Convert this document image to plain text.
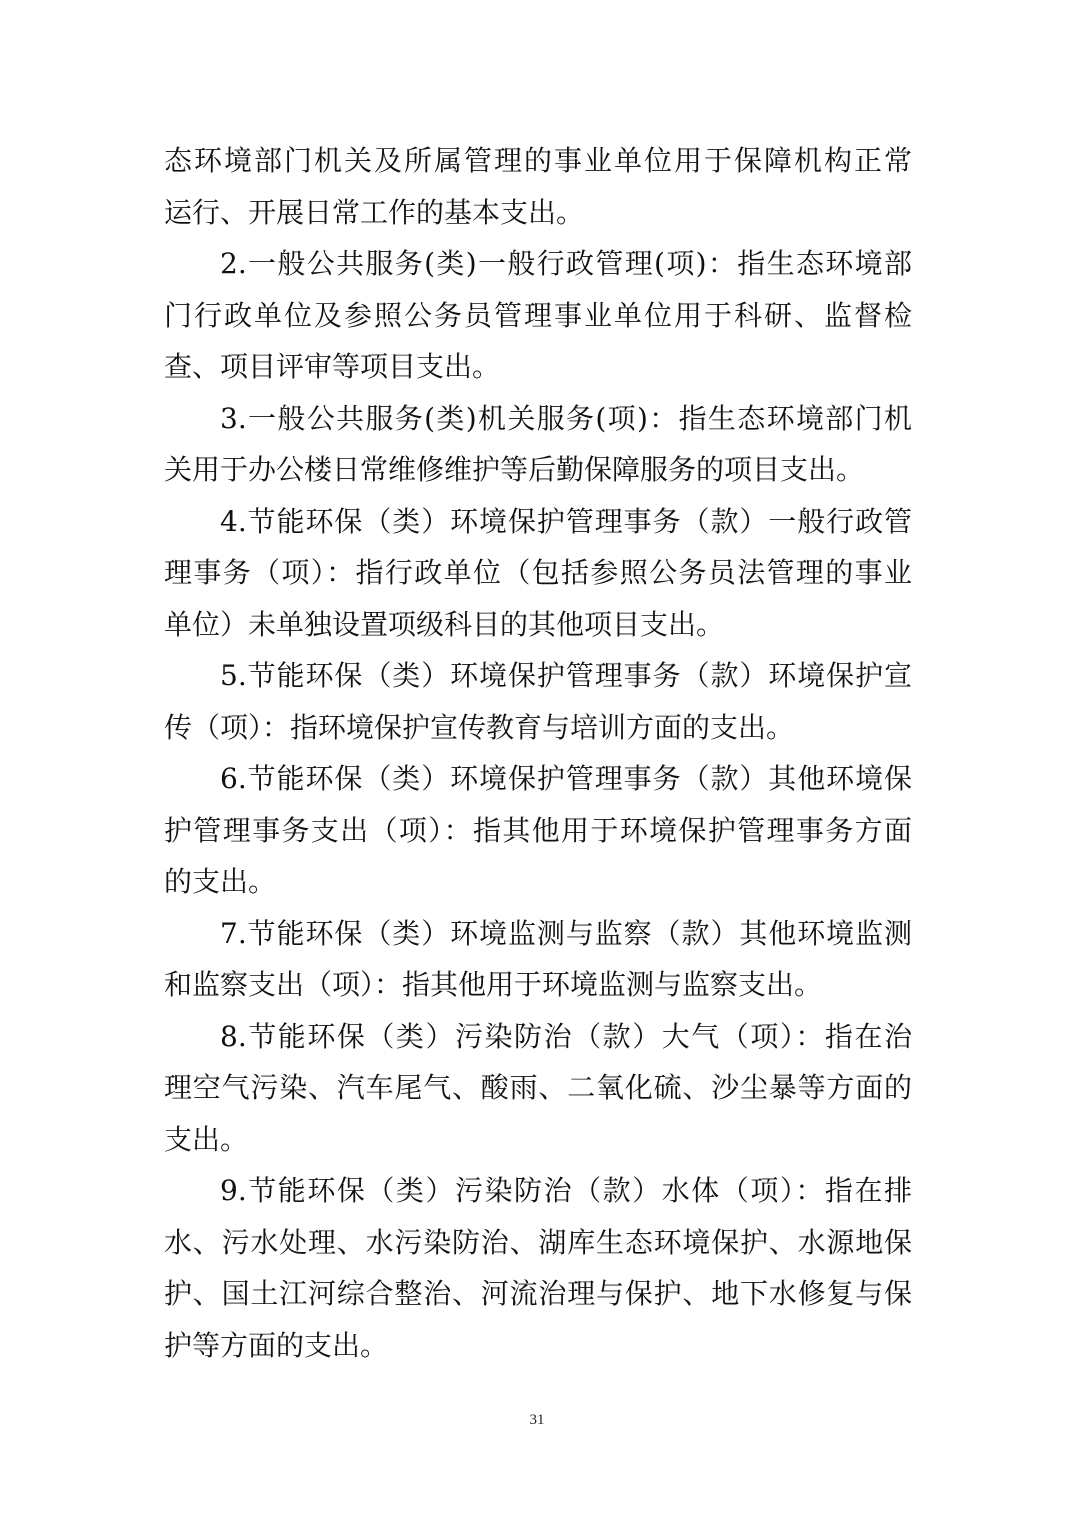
态环境部门机关及所属管理的事业单位用于保障机构正常
运行、开展日常工作的基本支出。
2.一般公共服务(类)一般行政管理(项)：指生态环境部
门行政单位及参照公务员管理事业单位用于科研、监督检
查、项目评审等项目支出。
3.一般公共服务(类)机关服务(项)：指生态环境部门机
关用于办公楼日常维修维护等后勤保障服务的项目支出。
4.节能环保（类）环境保护管理事务（款）一般行政管
理事务（项）：指行政单位（包括参照公务员法管理的事业
单位）未单独设置项级科目的其他项目支出。
5.节能环保（类）环境保护管理事务（款）环境保护宣
传（项）：指环境保护宣传教育与培训方面的支出。
6.节能环保（类）环境保护管理事务（款）其他环境保
护管理事务支出（项）：指其他用于环境保护管理事务方面
的支出。
7.节能环保（类）环境监测与监察（款）其他环境监测
和监察支出（项）：指其他用于环境监测与监察支出。
8.节能环保（类）污染防治（款）大气（项）：指在治
理空气污染、汽车尾气、酸雨、二氧化硫、沙尘暴等方面的
支出。
9.节能环保（类）污染防治（款）水体（项）：指在排
水、污水处理、水污染防治、湖库生态环境保护、水源地保
护、国土江河综合整治、河流治理与保护、地下水修复与保
护等方面的支出。
31
